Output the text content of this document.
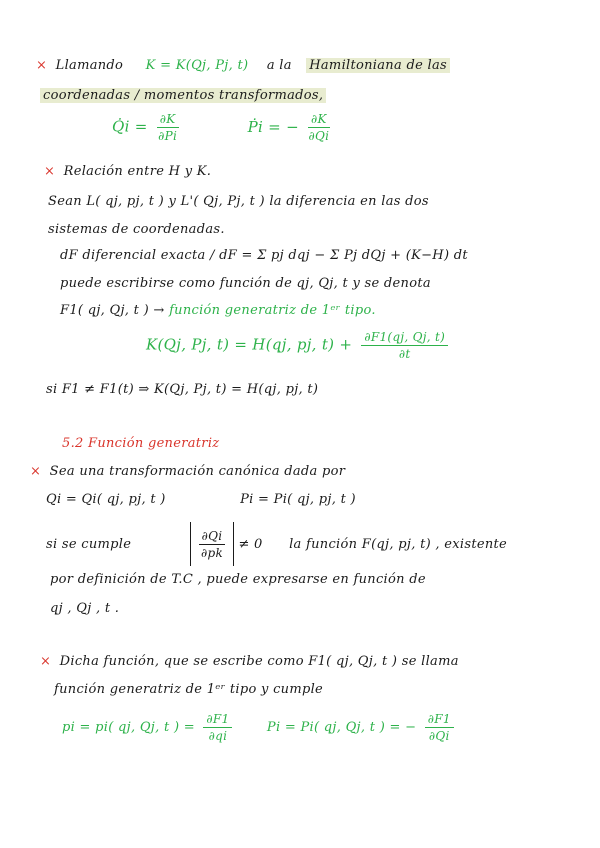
× Llamando K = K(Qj, Pj, t) a la Hamiltoniana de las
coordenadas / momentos transformados,
Q̇i = $\frac{\partial K}{\partial Pi}$	Ṗi = − $\frac{\partial K}{\partial Qi}$
× Relación entre H y K.
Sean L( qj, pj, t ) y L'( Qj, Pj, t ) la diferencia en las dos
sistemas de coordenadas.
dF diferencial exacta / dF = Σ pj dqj − Σ Pj dQj + (K−H) dt
puede escribirse como función de qj, Qj, t y se denota
F1( qj, Qj, t ) → función generatriz de 1ᵉʳ tipo.
K(Qj, Pj, t) = H(qj, pj, $t) + \frac{\partial F1(qj, Qj, t)}{\partial t}$
si F1 ≠ F1(t) ⇒ K(Qj, Pj, t) = H(qj, pj, t)
5.2 Función generatriz
× Sea una transformación canónica dada por
Qi = Qi( qj, pj, t )	Pi = Pi( qj, pj, t )
si se cumple	$\frac{\partial Qi}{\partial pk} \ne 0$ la función F(qj, pj, t) , existente
por definición de T.C , puede expresarse en función de
qj , Qj , t .
× Dicha función, que se escribe como F1( qj, Qj, t ) se llama
función generatriz de 1ᵉʳ tipo y cumple
pi = pi( qj, Qj, t ) = $\frac{\partial F1}{\partial qi}$	Pi = Pi( qj, Qj, t ) = − $\frac{\partial F1}{\partial Qi}$
